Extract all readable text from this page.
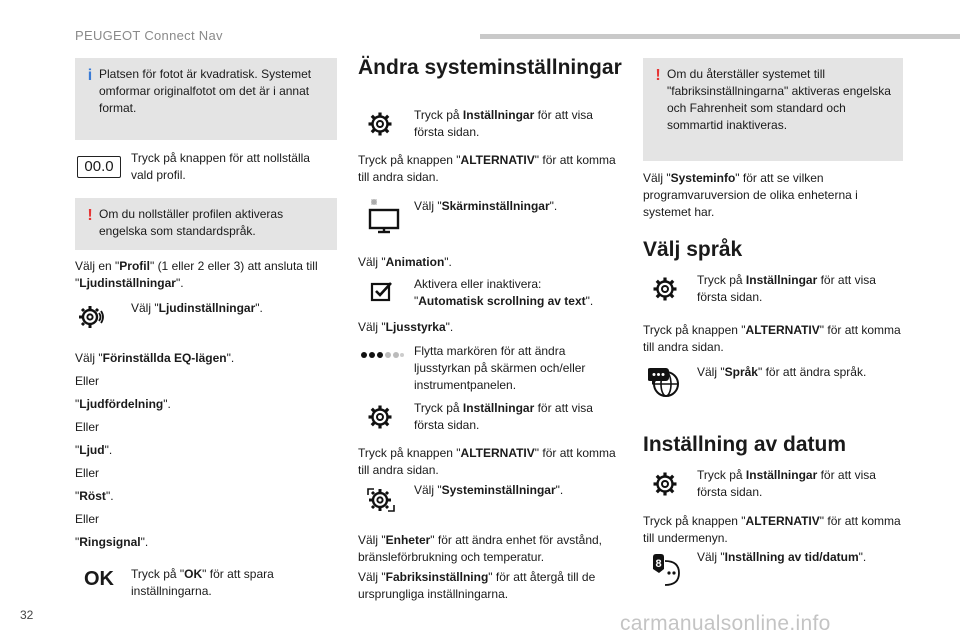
PEUGEOT Connect Nav
i Platsen för fotot är kvadratisk. Systemet omformar originalfotot om det är i annat format.
00.0	Tryck på knappen för att nollställa vald profil.
! Om du nollställer profilen aktiveras engelska som standardspråk.
Välj en "Profil" (1 eller 2 eller 3) att ansluta till "Ljudinställningar".
Välj "Ljudinställningar".
Välj "Förinställda EQ-lägen".
Eller
"Ljudfördelning".
Eller
"Ljud".
Eller
"Röst".
Eller
"Ringsignal".
OK Tryck på "OK" för att spara inställningarna.
Ändra systeminställningar
Tryck på Inställningar för att visa första sidan.
Tryck på knappen "ALTERNATIV" för att komma till andra sidan.
Välj "Skärminställningar".
Välj "Animation".
Aktivera eller inaktivera: "Automatisk scrollning av text".
Välj "Ljusstyrka".
Flytta markören för att ändra ljusstyrkan på skärmen och/eller instrumentpanelen.
Tryck på Inställningar för att visa första sidan.
Tryck på knappen "ALTERNATIV" för att komma till andra sidan.
Välj "Systeminställningar".
Välj "Enheter" för att ändra enhet för avstånd, bränsleförbrukning och temperatur.
Välj "Fabriksinställning" för att återgå till de ursprungliga inställningarna.
! Om du återställer systemet till "fabriksinställningarna" aktiveras engelska och Fahrenheit som standard och sommartid inaktiveras.
Välj "Systeminfo" för att se vilken programvaruversion de olika enheterna i systemet har.
Välj språk
Tryck på Inställningar för att visa första sidan.
Tryck på knappen "ALTERNATIV" för att komma till andra sidan.
Välj "Språk" för att ändra språk.
Inställning av datum
Tryck på Inställningar för att visa första sidan.
Tryck på knappen "ALTERNATIV" för att komma till undermenyn.
8	Välj "Inställning av tid/datum".
32	carmanualsonline.info
